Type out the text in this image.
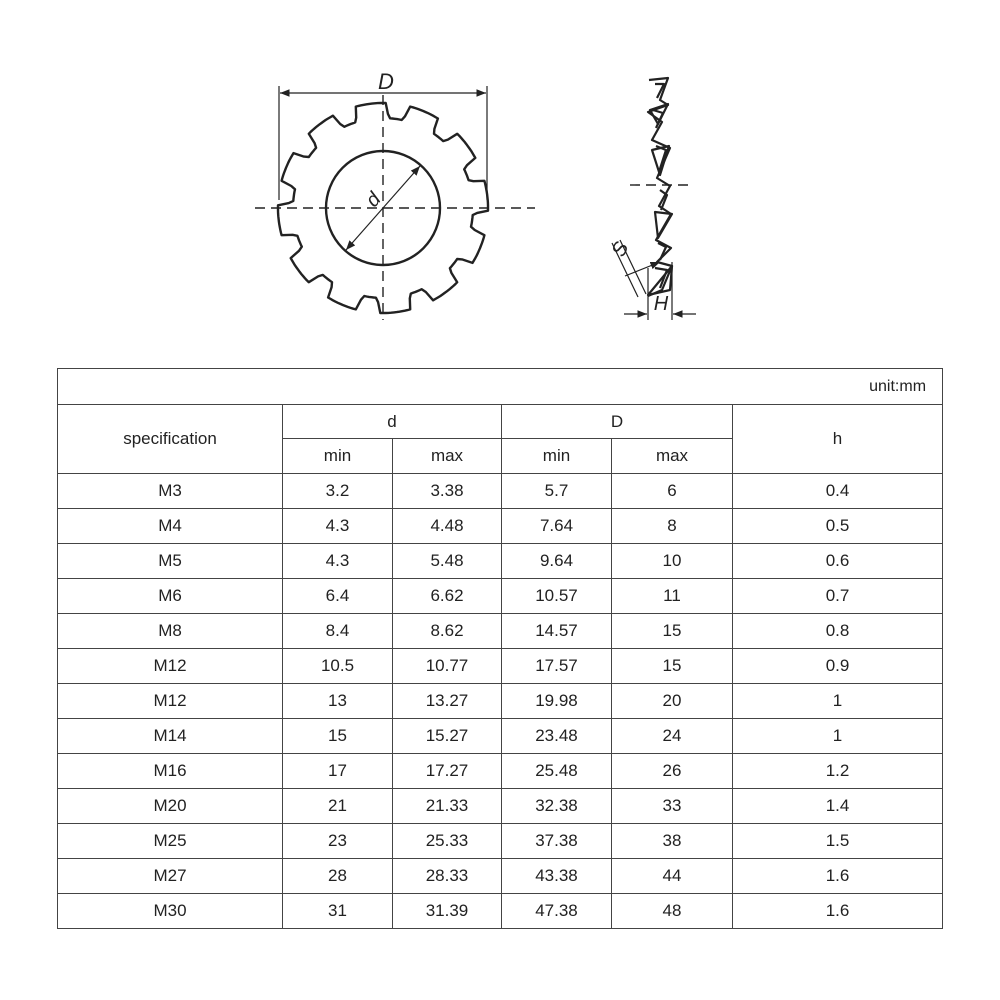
D
d
S
H
unit:mm					
specification	d		D		h
	min	max	min	max	
M3	3.2	3.38	5.7	6	0.4
M4	4.3	4.48	7.64	8	0.5
M5	4.3	5.48	9.64	10	0.6
M6	6.4	6.62	10.57	11	0.7
M8	8.4	8.62	14.57	15	0.8
M12	10.5	10.77	17.57	15	0.9
M12	13	13.27	19.98	20	1
M14	15	15.27	23.48	24	1
M16	17	17.27	25.48	26	1.2
M20	21	21.33	32.38	33	1.4
M25	23	25.33	37.38	38	1.5
M27	28	28.33	43.38	44	1.6
M30	31	31.39	47.38	48	1.6
